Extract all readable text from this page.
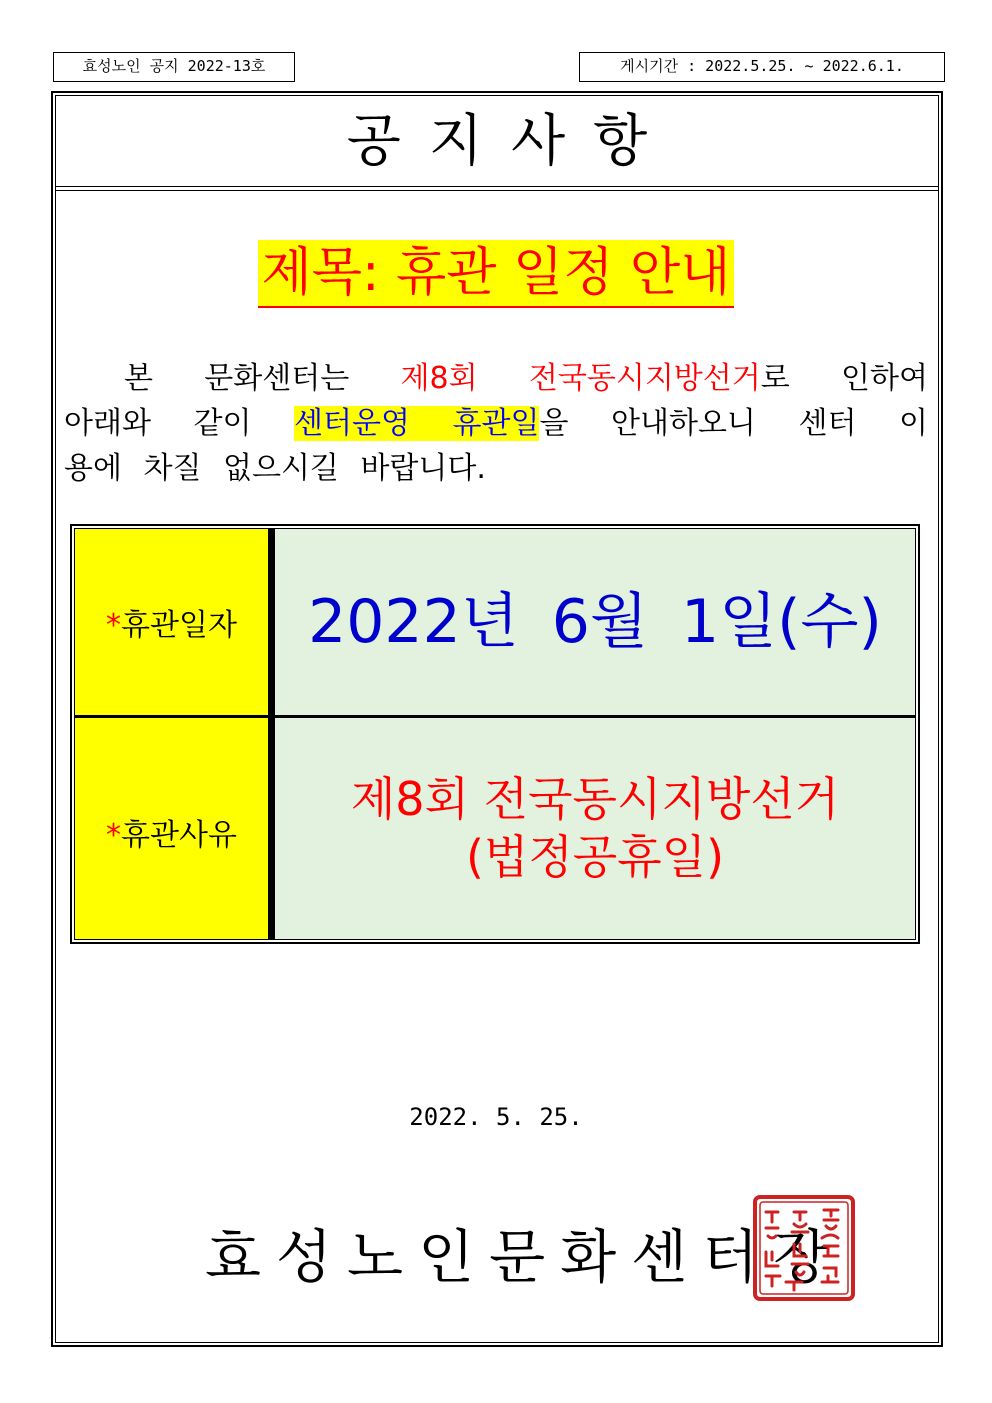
효성노인 공지 2022-13호	게시기간 : 2022.5.25. ~ 2022.6.1.
공지사항
제목: 휴관 일정 안내
  본 문화센터는 제8회 전국동시지방선거로 인하여
아래와 같이 센터운영 휴관일을 안내하오니 센터 이
용에 차질 없으시길 바랍니다.
*휴관일자
*휴관사유
2022년 6월 1일(수)
제8회 전국동시지방선거
(법정공휴일)
2022. 5. 25.
효성노인문화센터장
